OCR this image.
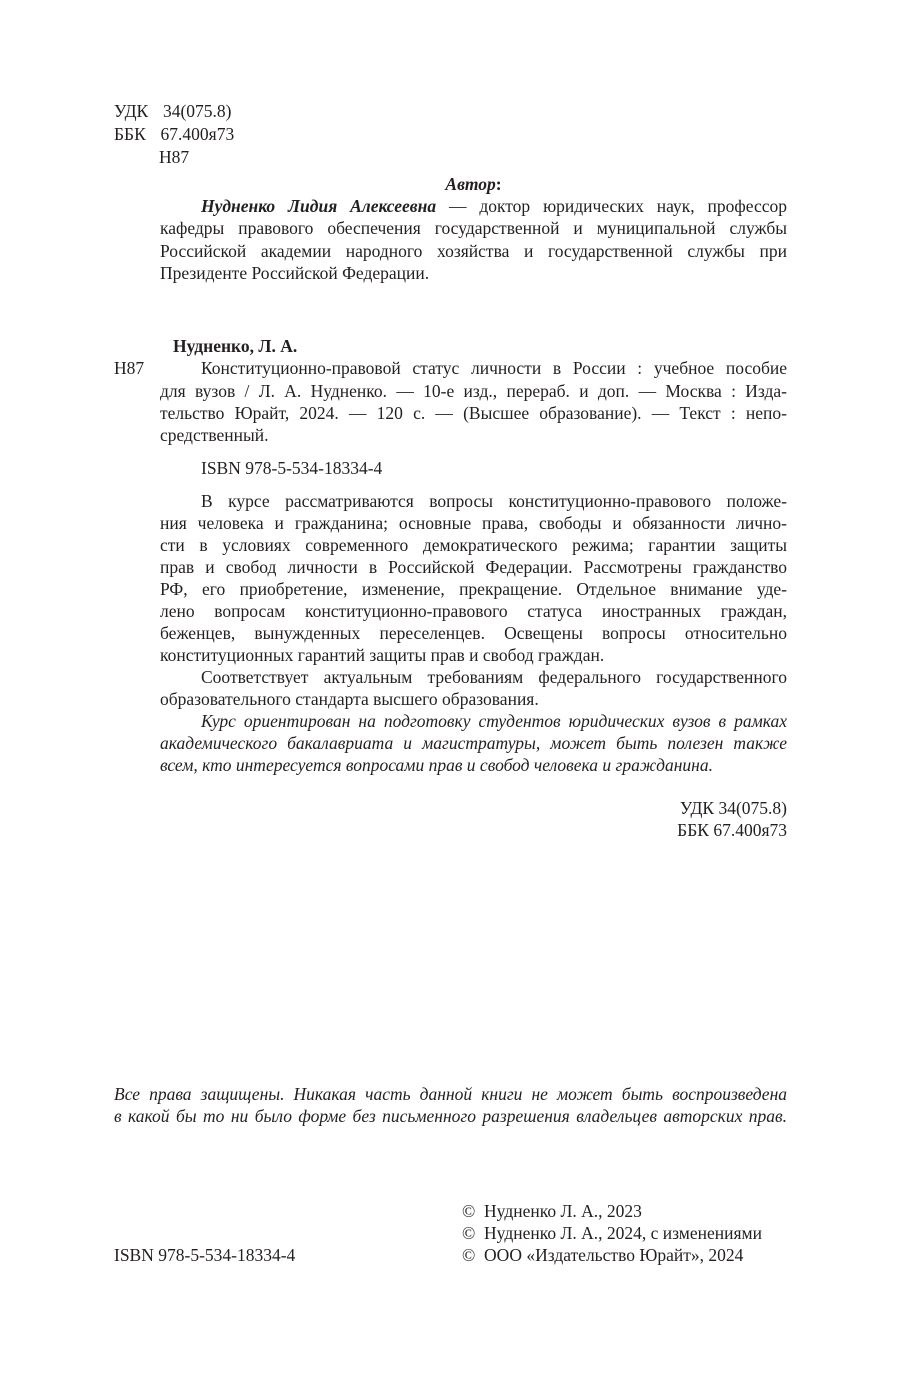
УДК 34(075.8)
ББК 67.400я73
Н87
Автор:
Нудненко Лидия Алексеевна — доктор юридических наук, профессор
кафедры правового обеспечения государственной и муниципальной службы
Российской академии народного хозяйства и государственной службы при
Президенте Российской Федерации.
Нудненко, Л. А.
Н87	Конституционно-правовой статус личности в России : учебное пособие
для вузов / Л. А. Нудненко. — 10-е изд., перераб. и доп. — Москва : Изда-
тельство Юрайт, 2024. — 120 с. — (Высшее образование). — Текст : непо-
средственный.
ISBN 978-5-534-18334-4
В курсе рассматриваются вопросы конституционно-правового положе-
ния человека и гражданина; основные права, свободы и обязанности лично-
сти в условиях современного демократического режима; гарантии защиты
прав и свобод личности в Российской Федерации. Рассмотрены гражданство
РФ, его приобретение, изменение, прекращение. Отдельное внимание уде-
лено вопросам конституционно-правового статуса иностранных граждан,
беженцев, вынужденных переселенцев. Освещены вопросы относительно
конституционных гарантий защиты прав и свобод граждан.
Соответствует актуальным требованиям федерального государственного
образовательного стандарта высшего образования.
Курс ориентирован на подготовку студентов юридических вузов в рамках
академического бакалавриата и магистратуры, может быть полезен также
всем, кто интересуется вопросами прав и свобод человека и гражданина.
УДК 34(075.8)
ББК 67.400я73
Все права защищены. Никакая часть данной книги не может быть воспроизведена
в какой бы то ни было форме без письменного разрешения владельцев авторских прав.
©  Нудненко Л. А., 2023
©  Нудненко Л. А., 2024, с изменениями
©  ООО «Издательство Юрайт», 2024
ISBN 978-5-534-18334-4
